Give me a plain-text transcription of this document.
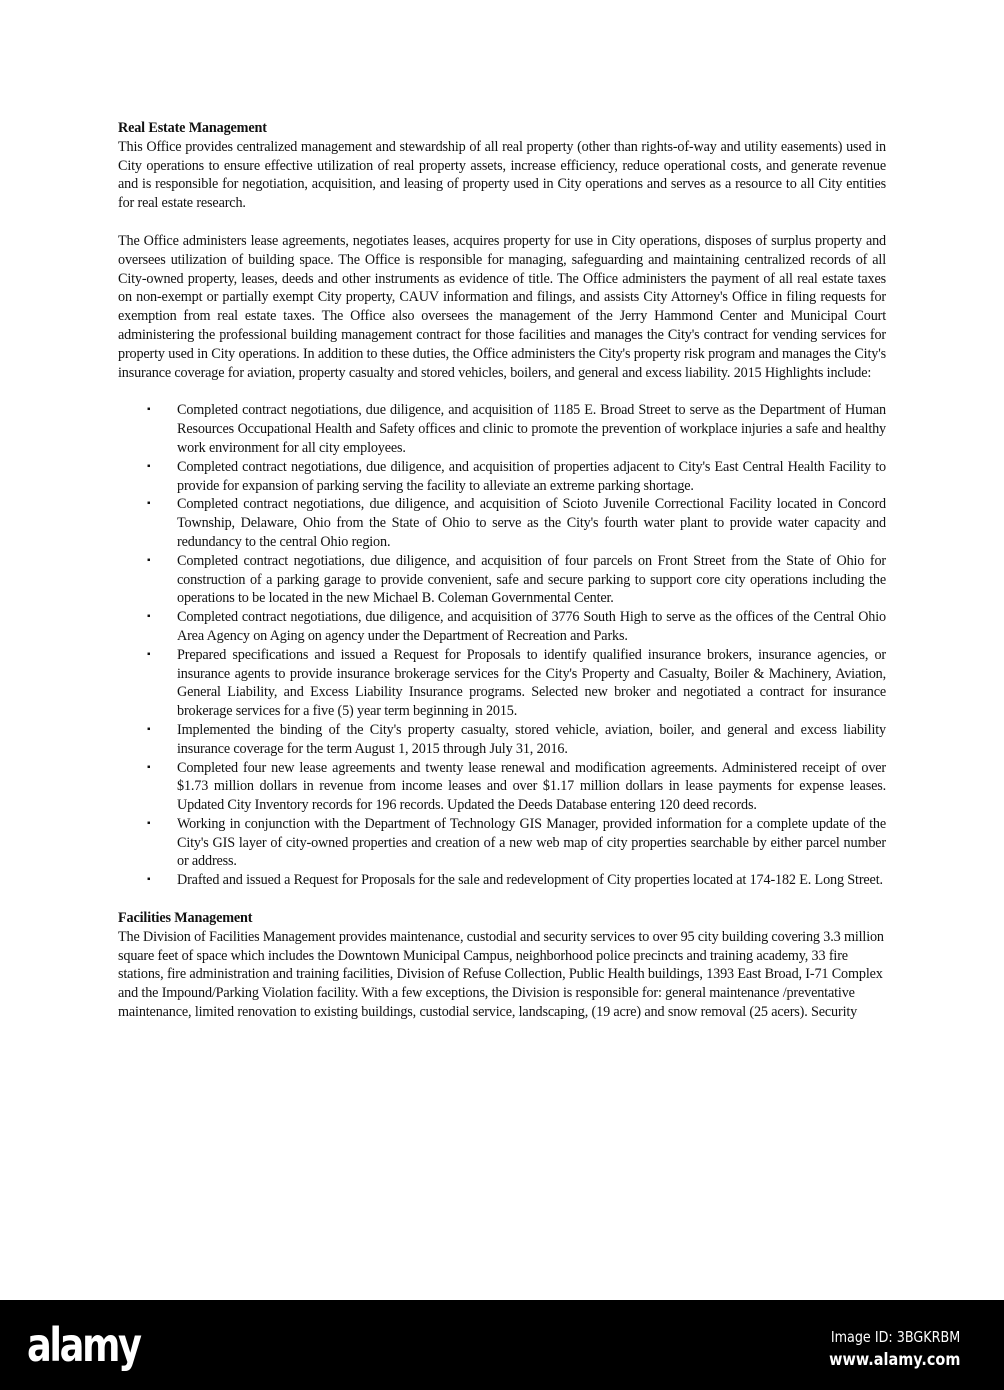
Real Estate Management

This Office provides centralized management and stewardship of all real property (other than rights-of-way and utility easements) used in City operations to ensure effective utilization of real property assets, increase efficiency, reduce operational costs, and generate revenue and is responsible for negotiation, acquisition, and leasing of property used in City operations and serves as a resource to all City entities for real estate research.

The Office administers lease agreements, negotiates leases, acquires property for use in City operations, disposes of surplus property and oversees utilization of building space. The Office is responsible for managing, safeguarding and maintaining centralized records of all City-owned property, leases, deeds and other instruments as evidence of title. The Office administers the payment of all real estate taxes on non-exempt or partially exempt City property, CAUV information and filings, and assists City Attorney's Office in filing requests for exemption from real estate taxes. The Office also oversees the management of the Jerry Hammond Center and Municipal Court administering the professional building management contract for those facilities and manages the City's contract for vending services for property used in City operations. In addition to these duties, the Office administers the City's property risk program and manages the City's insurance coverage for aviation, property casualty and stored vehicles, boilers, and general and excess liability. 2015 Highlights include:

▪ Completed contract negotiations, due diligence, and acquisition of 1185 E. Broad Street to serve as the Department of Human Resources Occupational Health and Safety offices and clinic to promote the prevention of workplace injuries a safe and healthy work environment for all city employees.
▪ Completed contract negotiations, due diligence, and acquisition of properties adjacent to City's East Central Health Facility to provide for expansion of parking serving the facility to alleviate an extreme parking shortage.
▪ Completed contract negotiations, due diligence, and acquisition of Scioto Juvenile Correctional Facility located in Concord Township, Delaware, Ohio from the State of Ohio to serve as the City's fourth water plant to provide water capacity and redundancy to the central Ohio region.
▪ Completed contract negotiations, due diligence, and acquisition of four parcels on Front Street from the State of Ohio for construction of a parking garage to provide convenient, safe and secure parking to support core city operations including the operations to be located in the new Michael B. Coleman Governmental Center.
▪ Completed contract negotiations, due diligence, and acquisition of 3776 South High to serve as the offices of the Central Ohio Area Agency on Aging on agency under the Department of Recreation and Parks.
▪ Prepared specifications and issued a Request for Proposals to identify qualified insurance brokers, insurance agencies, or insurance agents to provide insurance brokerage services for the City's Property and Casualty, Boiler & Machinery, Aviation, General Liability, and Excess Liability Insurance programs. Selected new broker and negotiated a contract for insurance brokerage services for a five (5) year term beginning in 2015.
▪ Implemented the binding of the City's property casualty, stored vehicle, aviation, boiler, and general and excess liability insurance coverage for the term August 1, 2015 through July 31, 2016.
▪ Completed four new lease agreements and twenty lease renewal and modification agreements. Administered receipt of over $1.73 million dollars in revenue from income leases and over $1.17 million dollars in lease payments for expense leases. Updated City Inventory records for 196 records. Updated the Deeds Database entering 120 deed records.
▪ Working in conjunction with the Department of Technology GIS Manager, provided information for a complete update of the City's GIS layer of city-owned properties and creation of a new web map of city properties searchable by either parcel number or address.
▪ Drafted and issued a Request for Proposals for the sale and redevelopment of City properties located at 174-182 E. Long Street.
Facilities Management

The Division of Facilities Management provides maintenance, custodial and security services to over 95 city building covering 3.3 million square feet of space which includes the Downtown Municipal Campus, neighborhood police precincts and training academy, 33 fire stations, fire administration and training facilities, Division of Refuse Collection, Public Health buildings, 1393 East Broad, I-71 Complex and the Impound/Parking Violation facility. With a few exceptions, the Division is responsible for: general maintenance /preventative maintenance, limited renovation to existing buildings, custodial service, landscaping, (19 acre) and snow removal (25 acers). Security

alamy	Image ID: 3BGKRBM
www.alamy.com
